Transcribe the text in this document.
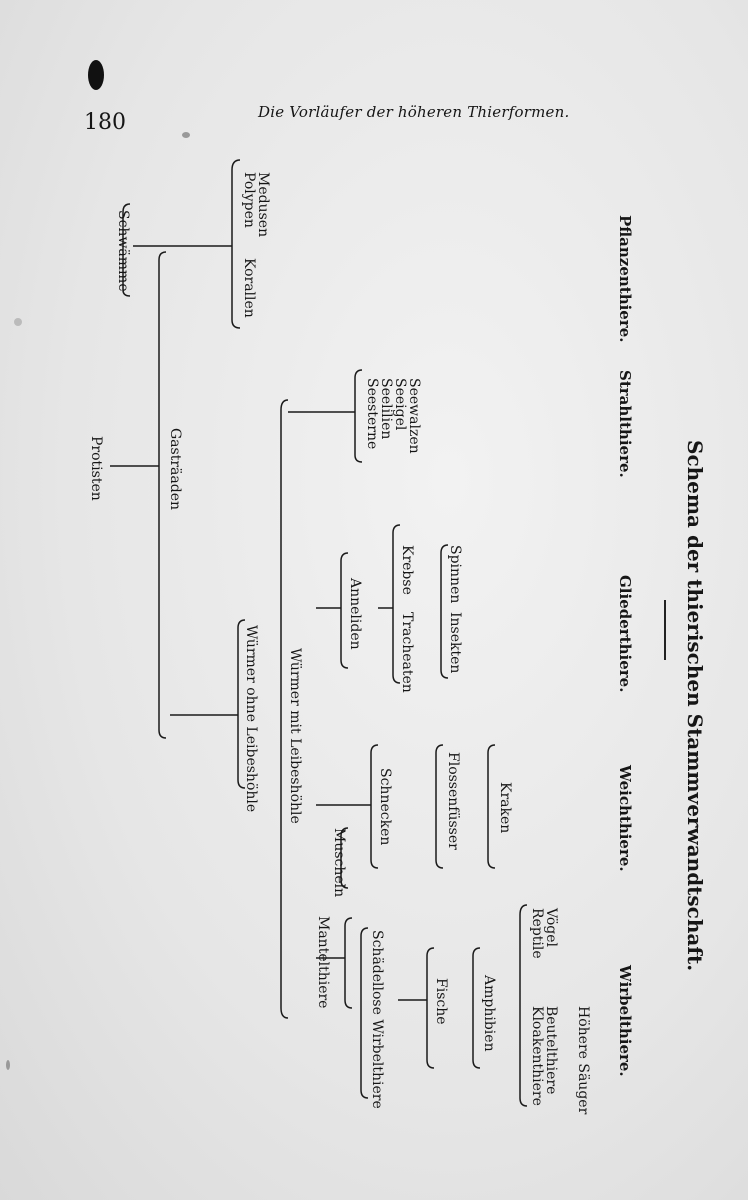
180	Die Vorläufer der höheren Thierformen.
Schema der thierischen Stammverwandtschaft.
Pflanzenthiere.
Strahlthiere.
Gliederthiere.
Weichthiere.
Wirbelthiere.
Medusen
Polypen
Korallen
Schwämme
Seewalzen
Seeigel
Seelilien
Seesterne
Spinnen
Insekten
Krebse
Tracheaten
Anneliden
Kraken
Flossenfüsser
Schnecken
Muscheln
Höhere Säuger
Beutelthiere
Kloakenthiere
Vögel
Reptile
Amphibien
Fische
Schädellose Wirbelthiere
Mantelthiere
Würmer mit Leibeshöhle
Würmer ohne Leibeshöhle
Gasträaden
Protisten
